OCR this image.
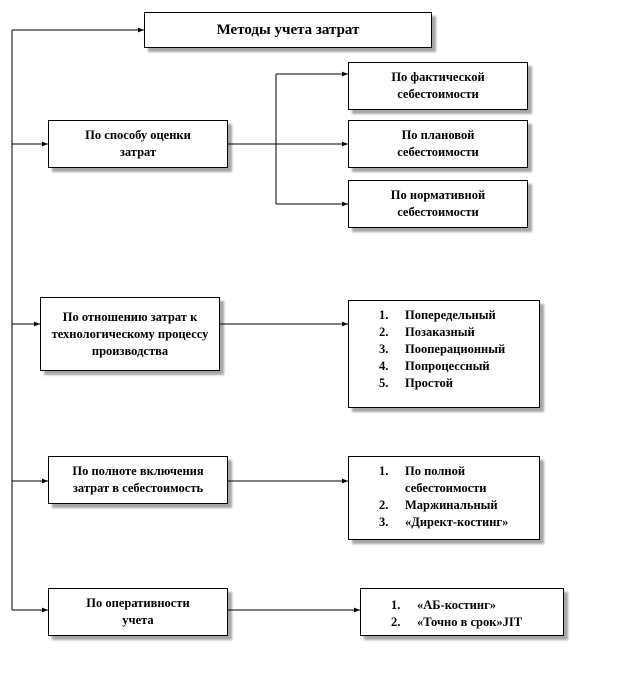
Методы учета затрат
По способу оценки затрат
По фактической себестоимости
По плановой себестоимости
По нормативной себестоимости
По отношению затрат к технологическому процессу производства
1.	Попередельный
2.	Позаказный
3.	Пооперационный
4.	Попроцессный
5.	Простой
По полноте включения затрат в себестоимость
1.	По полной себестоимости
2.	Маржинальный
3.	«Директ-костинг»
По оперативности учета
1.	«АБ-костинг»
2.	«Точно в срок»JIT
